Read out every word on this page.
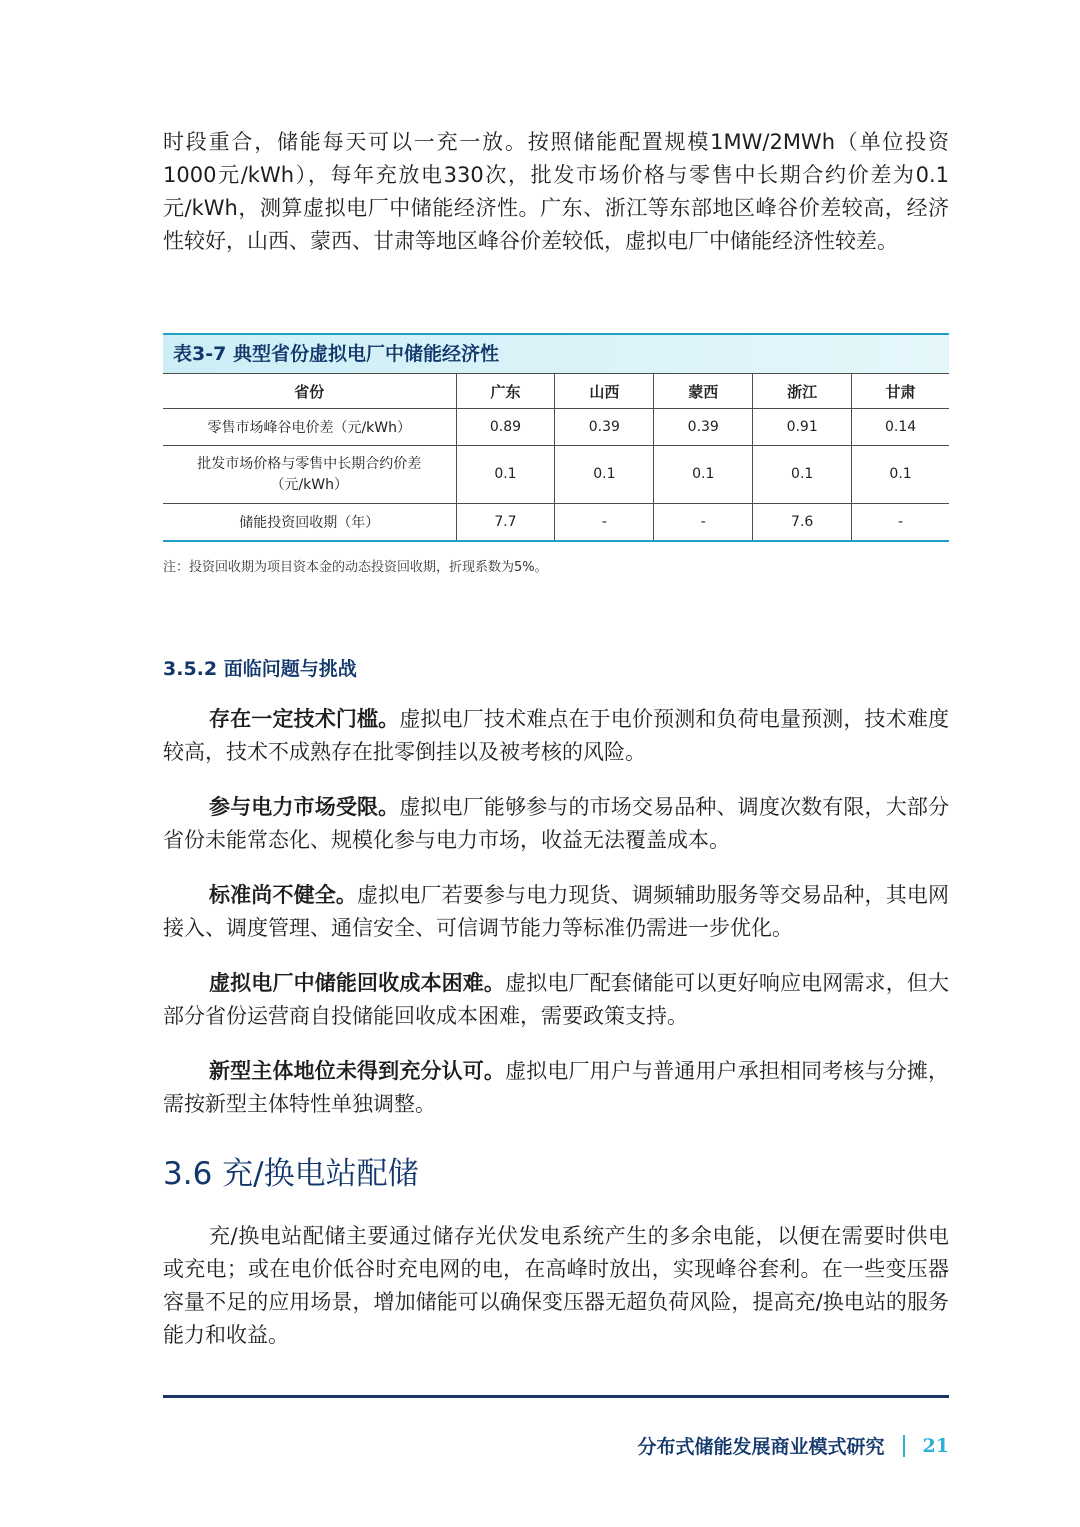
时段重合，储能每天可以一充一放。按照储能配置规模1MW/2MWh（单位投资1000元/kWh），每年充放电330次，批发市场价格与零售中长期合约价差为0.1元/kWh，测算虚拟电厂中储能经济性。广东、浙江等东部地区峰谷价差较高，经济性较好，山西、蒙西、甘肃等地区峰谷价差较低，虚拟电厂中储能经济性较差。

表3-7 典型省份虚拟电厂中储能经济性
省份	广东	山西	蒙西	浙江	甘肃
零售市场峰谷电价差（元/kWh）	0.89	0.39	0.39	0.91	0.14

批发市场价格与零售中长期合约价差
（元/kWh）	0.1	0.1	0.1	0.1	0.1
储能投资回收期（年）	7.7	-	-	7.6	-
注：投资回收期为项目资本金的动态投资回收期，折现系数为5%。
3.5.2 面临问题与挑战

存在一定技术门槛。虚拟电厂技术难点在于电价预测和负荷电量预测，技术难度较高，技术不成熟存在批零倒挂以及被考核的风险。

参与电力市场受限。虚拟电厂能够参与的市场交易品种、调度次数有限，大部分省份未能常态化、规模化参与电力市场，收益无法覆盖成本。

标准尚不健全。虚拟电厂若要参与电力现货、调频辅助服务等交易品种，其电网接入、调度管理、通信安全、可信调节能力等标准仍需进一步优化。

虚拟电厂中储能回收成本困难。虚拟电厂配套储能可以更好响应电网需求，但大部分省份运营商自投储能回收成本困难，需要政策支持。

新型主体地位未得到充分认可。虚拟电厂用户与普通用户承担相同考核与分摊，需按新型主体特性单独调整。

3.6 充/换电站配储

充/换电站配储主要通过储存光伏发电系统产生的多余电能，以便在需要时供电或充电；或在电价低谷时充电网的电，在高峰时放出，实现峰谷套利。在一些变压器容量不足的应用场景，增加储能可以确保变压器无超负荷风险，提高充/换电站的服务能力和收益。

分布式储能发展商业模式研究 21
